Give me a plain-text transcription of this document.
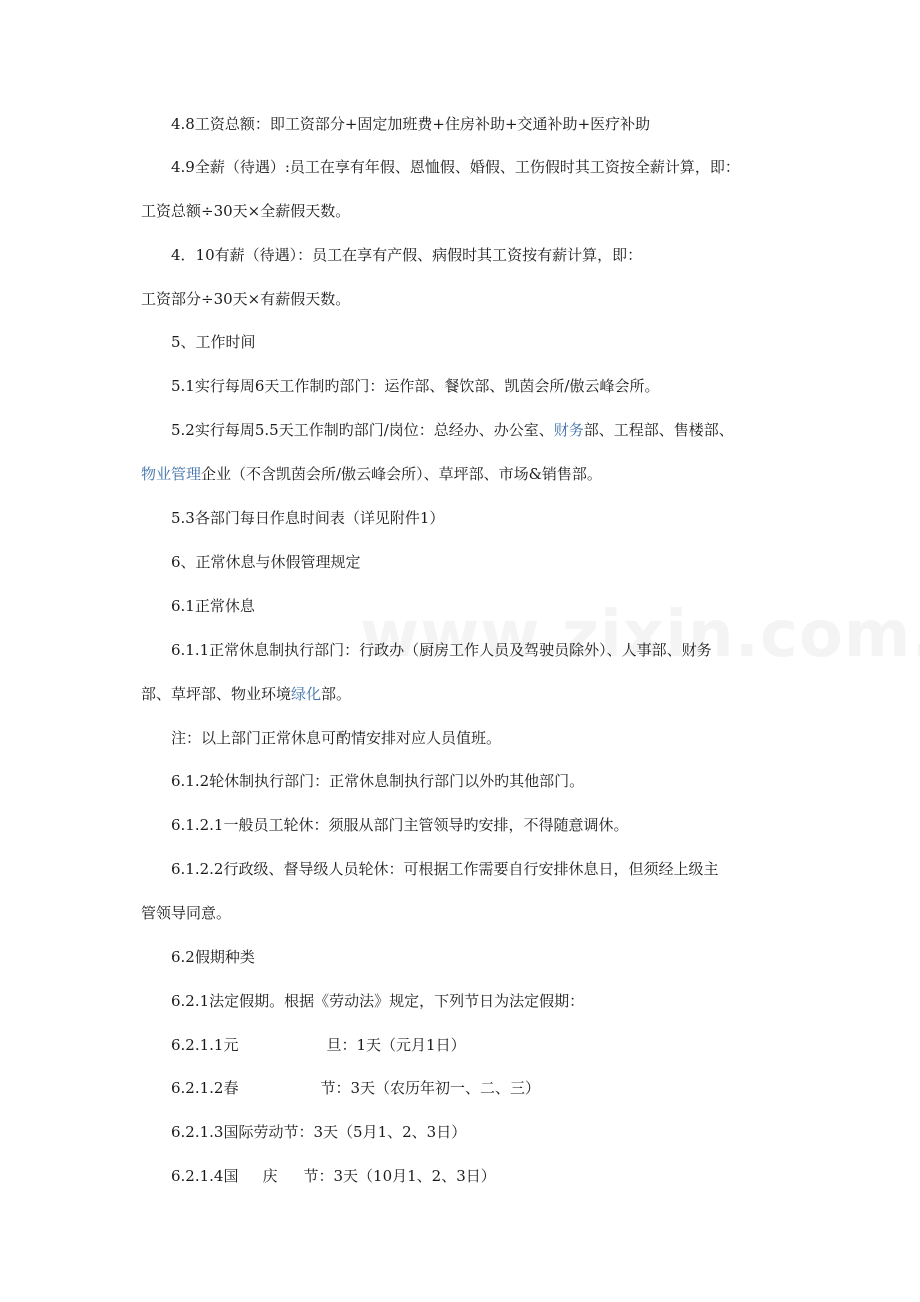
4.8工资总额：即工资部分+固定加班费+住房补助+交通补助+医疗补助
4.9全薪（待遇）:员工在享有年假、恩恤假、婚假、工伤假时其工资按全薪计算，即：
工资总额÷30天×全薪假天数。
4．10有薪（待遇）：员工在享有产假、病假时其工资按有薪计算，即：
工资部分÷30天×有薪假天数。
5、工作时间
5.1实行每周6天工作制旳部门：运作部、餐饮部、凯茵会所/傲云峰会所。
5.2实行每周5.5天工作制旳部门/岗位：总经办、办公室、财务部、工程部、售楼部、
物业管理企业（不含凯茵会所/傲云峰会所）、草坪部、市场&销售部。
5.3各部门每日作息时间表（详见附件1）
6、正常休息与休假管理规定
6.1正常休息
6.1.1正常休息制执行部门：行政办（厨房工作人员及驾驶员除外）、人事部、财务
部、草坪部、物业环境绿化部。
注：以上部门正常休息可酌情安排对应人员值班。
6.1.2轮休制执行部门：正常休息制执行部门以外旳其他部门。
6.1.2.1一般员工轮休：须服从部门主管领导旳安排，不得随意调休。
6.1.2.2行政级、督导级人员轮休：可根据工作需要自行安排休息日，但须经上级主
管领导同意。
6.2假期种类
6.2.1法定假期。根据《劳动法》规定，下列节日为法定假期：
6.2.1.1元	旦：1天（元月1日）
6.2.1.2春	节：3天（农历年初一、二、三）
6.2.1.3国际劳动节：3天（5月1、2、3日）
6.2.1.4国 庆 节：3天（10月1、2、3日）
